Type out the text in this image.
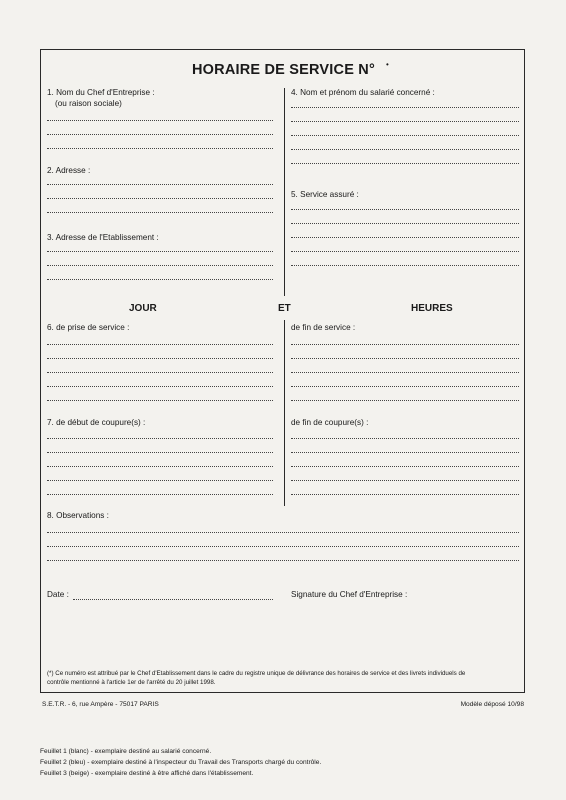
HORAIRE DE SERVICE N°	•
1. Nom du Chef d'Entreprise :
(ou raison sociale)
2. Adresse :
3. Adresse de l'Etablissement :
4. Nom et prénom du salarié concerné :
5. Service assuré :
JOUR	ET	HEURES
6. de prise de service :	de fin de service :
7. de début de coupure(s) :	de fin de coupure(s) :
8. Observations :
Date :	Signature du Chef d'Entreprise :
(*) Ce numéro est attribué par le Chef d'Etablissement dans le cadre du registre unique de délivrance des horaires de service et des livrets individuels de
contrôle mentionné à l'article 1er de l'arrêté du 20 juillet 1998.
S.E.T.R. - 6, rue Ampère - 75017 PARIS	Modèle déposé 10/98
Feuillet 1 (blanc) - exemplaire destiné au salarié concerné.
Feuillet 2 (bleu) - exemplaire destiné à l'inspecteur du Travail des Transports chargé du contrôle.
Feuillet 3 (beige) - exemplaire destiné à être affiché dans l'établissement.
